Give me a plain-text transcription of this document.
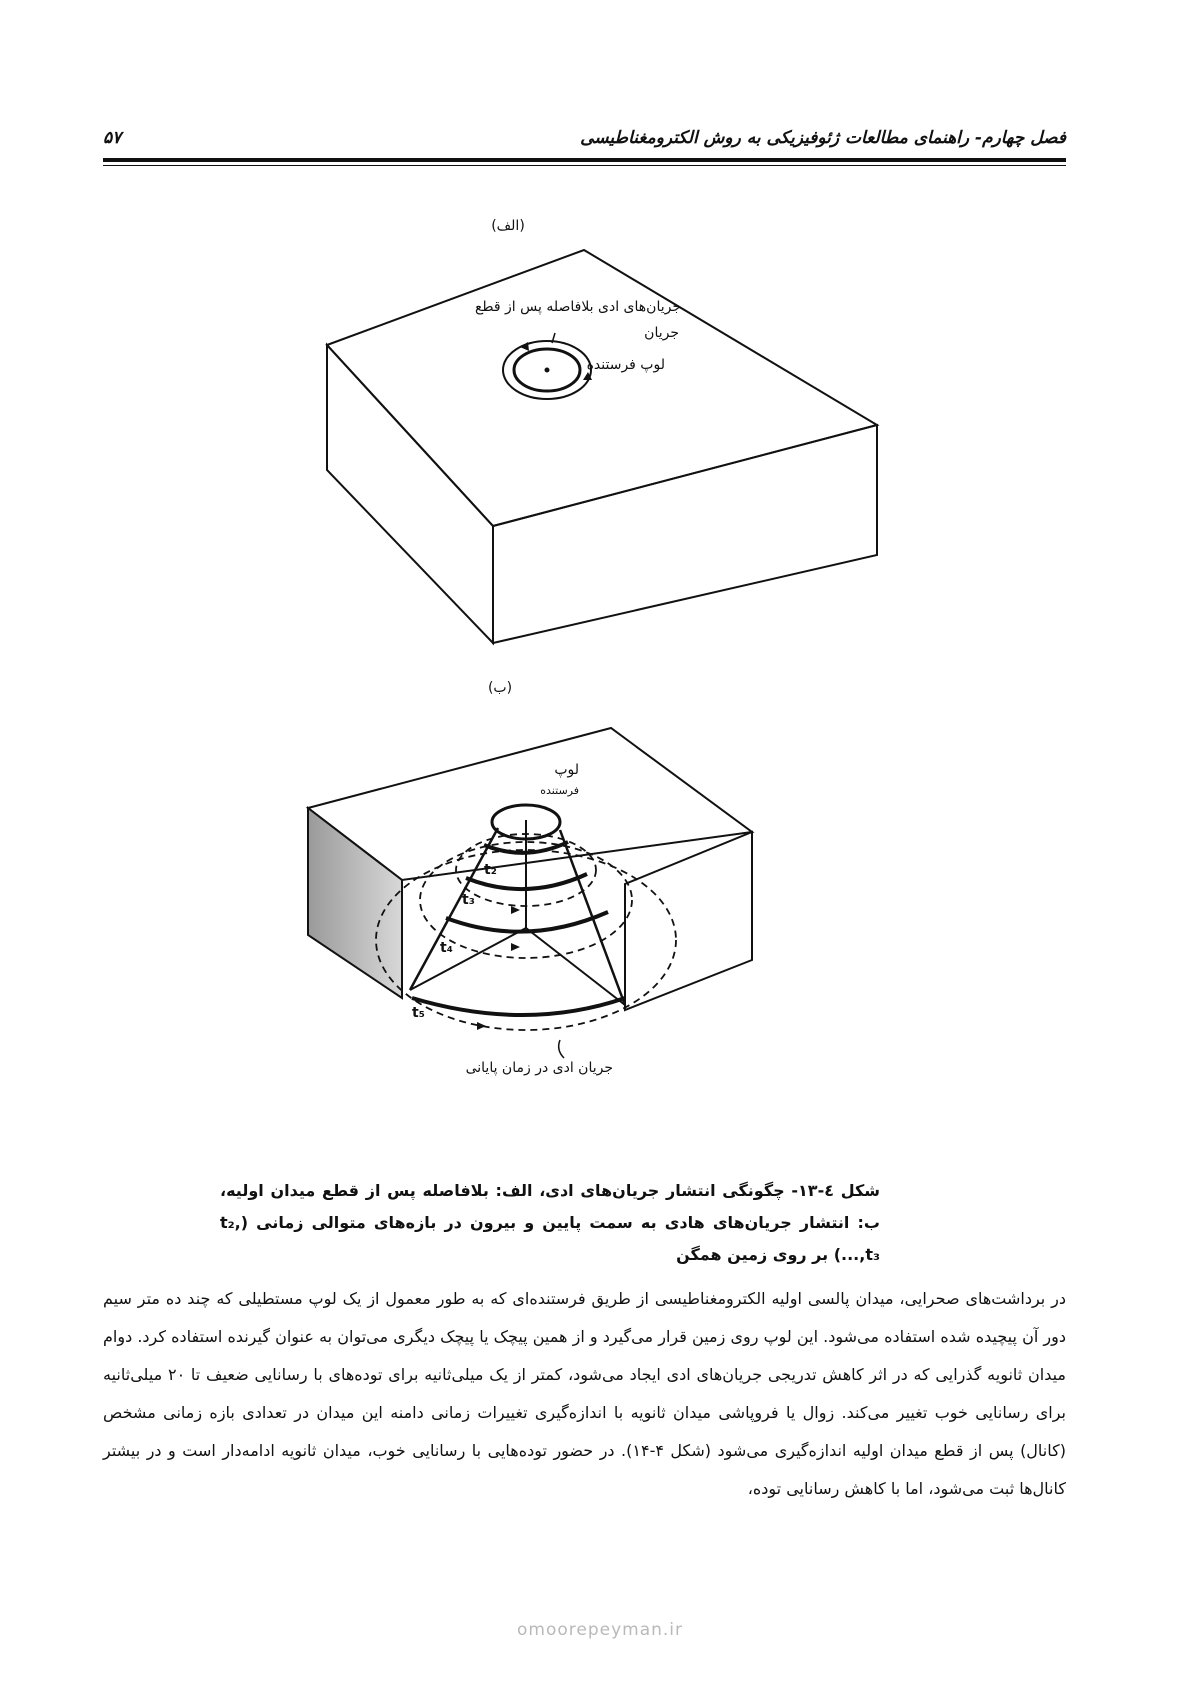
۵۷	فصل چهارم- راهنمای مطالعات ژئوفیزیکی به روش الکترومغناطیسی
(الف)
جریان‌های ادی بلافاصله پس از قطع
جریان
لوپ فرستنده
(ب)
لوپ
فرستنده
t₂
t₃
t₄
t₅
جریان ادی در زمان پایانی
شکل ٤-١٣- چگونگی انتشار جریان‌های ادی، الف: بلافاصله پس از قطع میدان اولیه، ب: انتشار جریان‌های هادی به سمت پایین و بیرون در بازه‌های متوالی زمانی (t₂, t₃,...) بر روی زمین همگن
در برداشت‌های صحرایی، میدان پالسی اولیه الکترومغناطیسی از طریق فرستنده‌ای که به طور معمول از یک لوپ مستطیلی که چند ده متر سیم دور آن پیچیده شده استفاده می‌شود. این لوپ روی زمین قرار می‌گیرد و از همین پیچک یا پیچک دیگری می‌توان به عنوان گیرنده استفاده کرد. دوام میدان ثانویه گذرایی که در اثر کاهش تدریجی جریان‌های ادی ایجاد می‌شود، کمتر از یک میلی‌ثانیه برای توده‌های با رسانایی ضعیف تا ۲۰ میلی‌ثانیه برای رسانایی خوب تغییر می‌کند. زوال یا فروپاشی میدان ثانویه با اندازه‌گیری تغییرات زمانی دامنه این میدان در تعدادی بازه زمانی مشخص (کانال) پس از قطع میدان اولیه اندازه‌گیری می‌شود (شکل ۴-۱۴). در حضور توده‌هایی با رسانایی خوب، میدان ثانویه ادامه‌دار است و در بیشتر کانال‌ها ثبت می‌شود، اما با کاهش رسانایی توده،
omoorepeyman.ir
